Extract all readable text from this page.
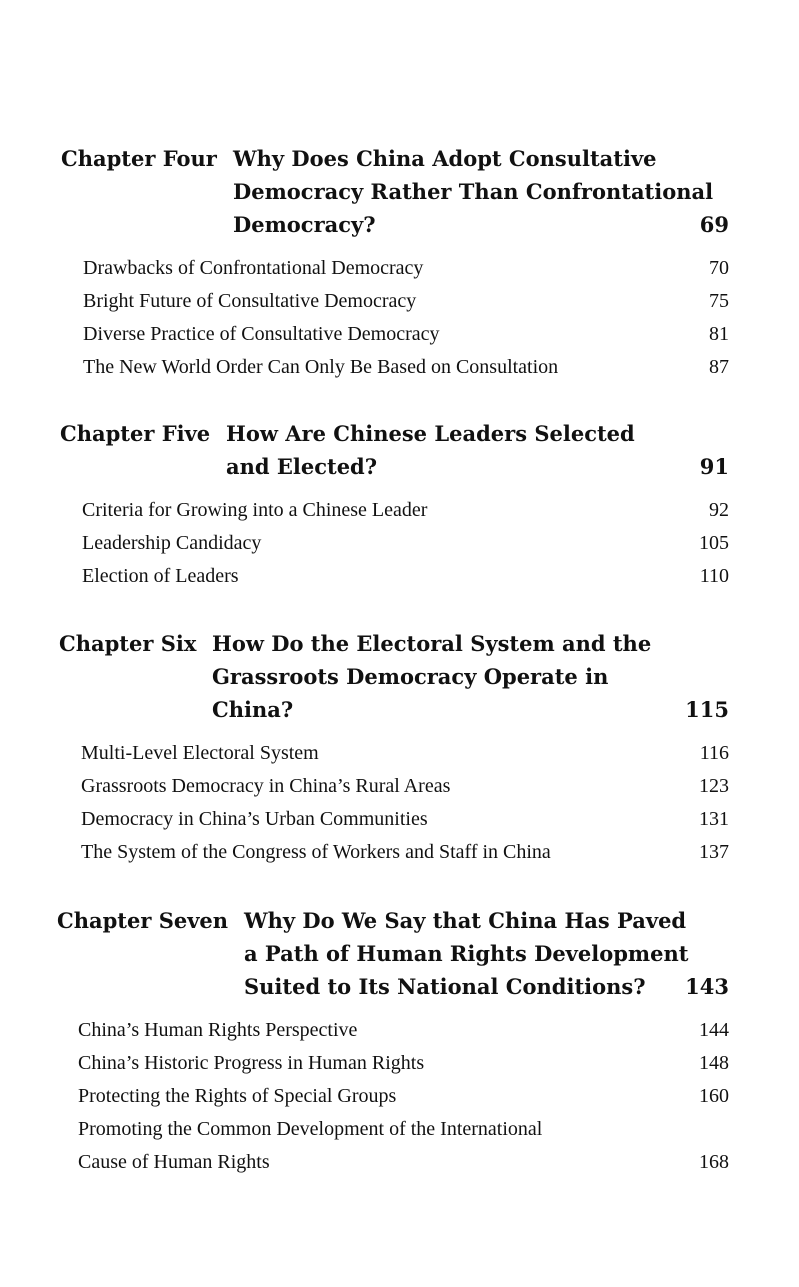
Chapter Four Why Does China Adopt Consultative
Democracy Rather Than Confrontational
Democracy?	69
Drawbacks of Confrontational Democracy	70
Bright Future of Consultative Democracy	75
Diverse Practice of Consultative Democracy	81
The New World Order Can Only Be Based on Consultation	87
Chapter Five How Are Chinese Leaders Selected
and Elected?	91
Criteria for Growing into a Chinese Leader	92
Leadership Candidacy	105
Election of Leaders	110
Chapter Six How Do the Electoral System and the
Grassroots Democracy Operate in
China?	115
Multi-Level Electoral System	116
Grassroots Democracy in China’s Rural Areas	123
Democracy in China’s Urban Communities	131
The System of the Congress of Workers and Staff in China	137
Chapter Seven Why Do We Say that China Has Paved
a Path of Human Rights Development
Suited to Its National Conditions?	143
China’s Human Rights Perspective	144
China’s Historic Progress in Human Rights	148
Protecting the Rights of Special Groups	160
Promoting the Common Development of the International
Cause of Human Rights	168
